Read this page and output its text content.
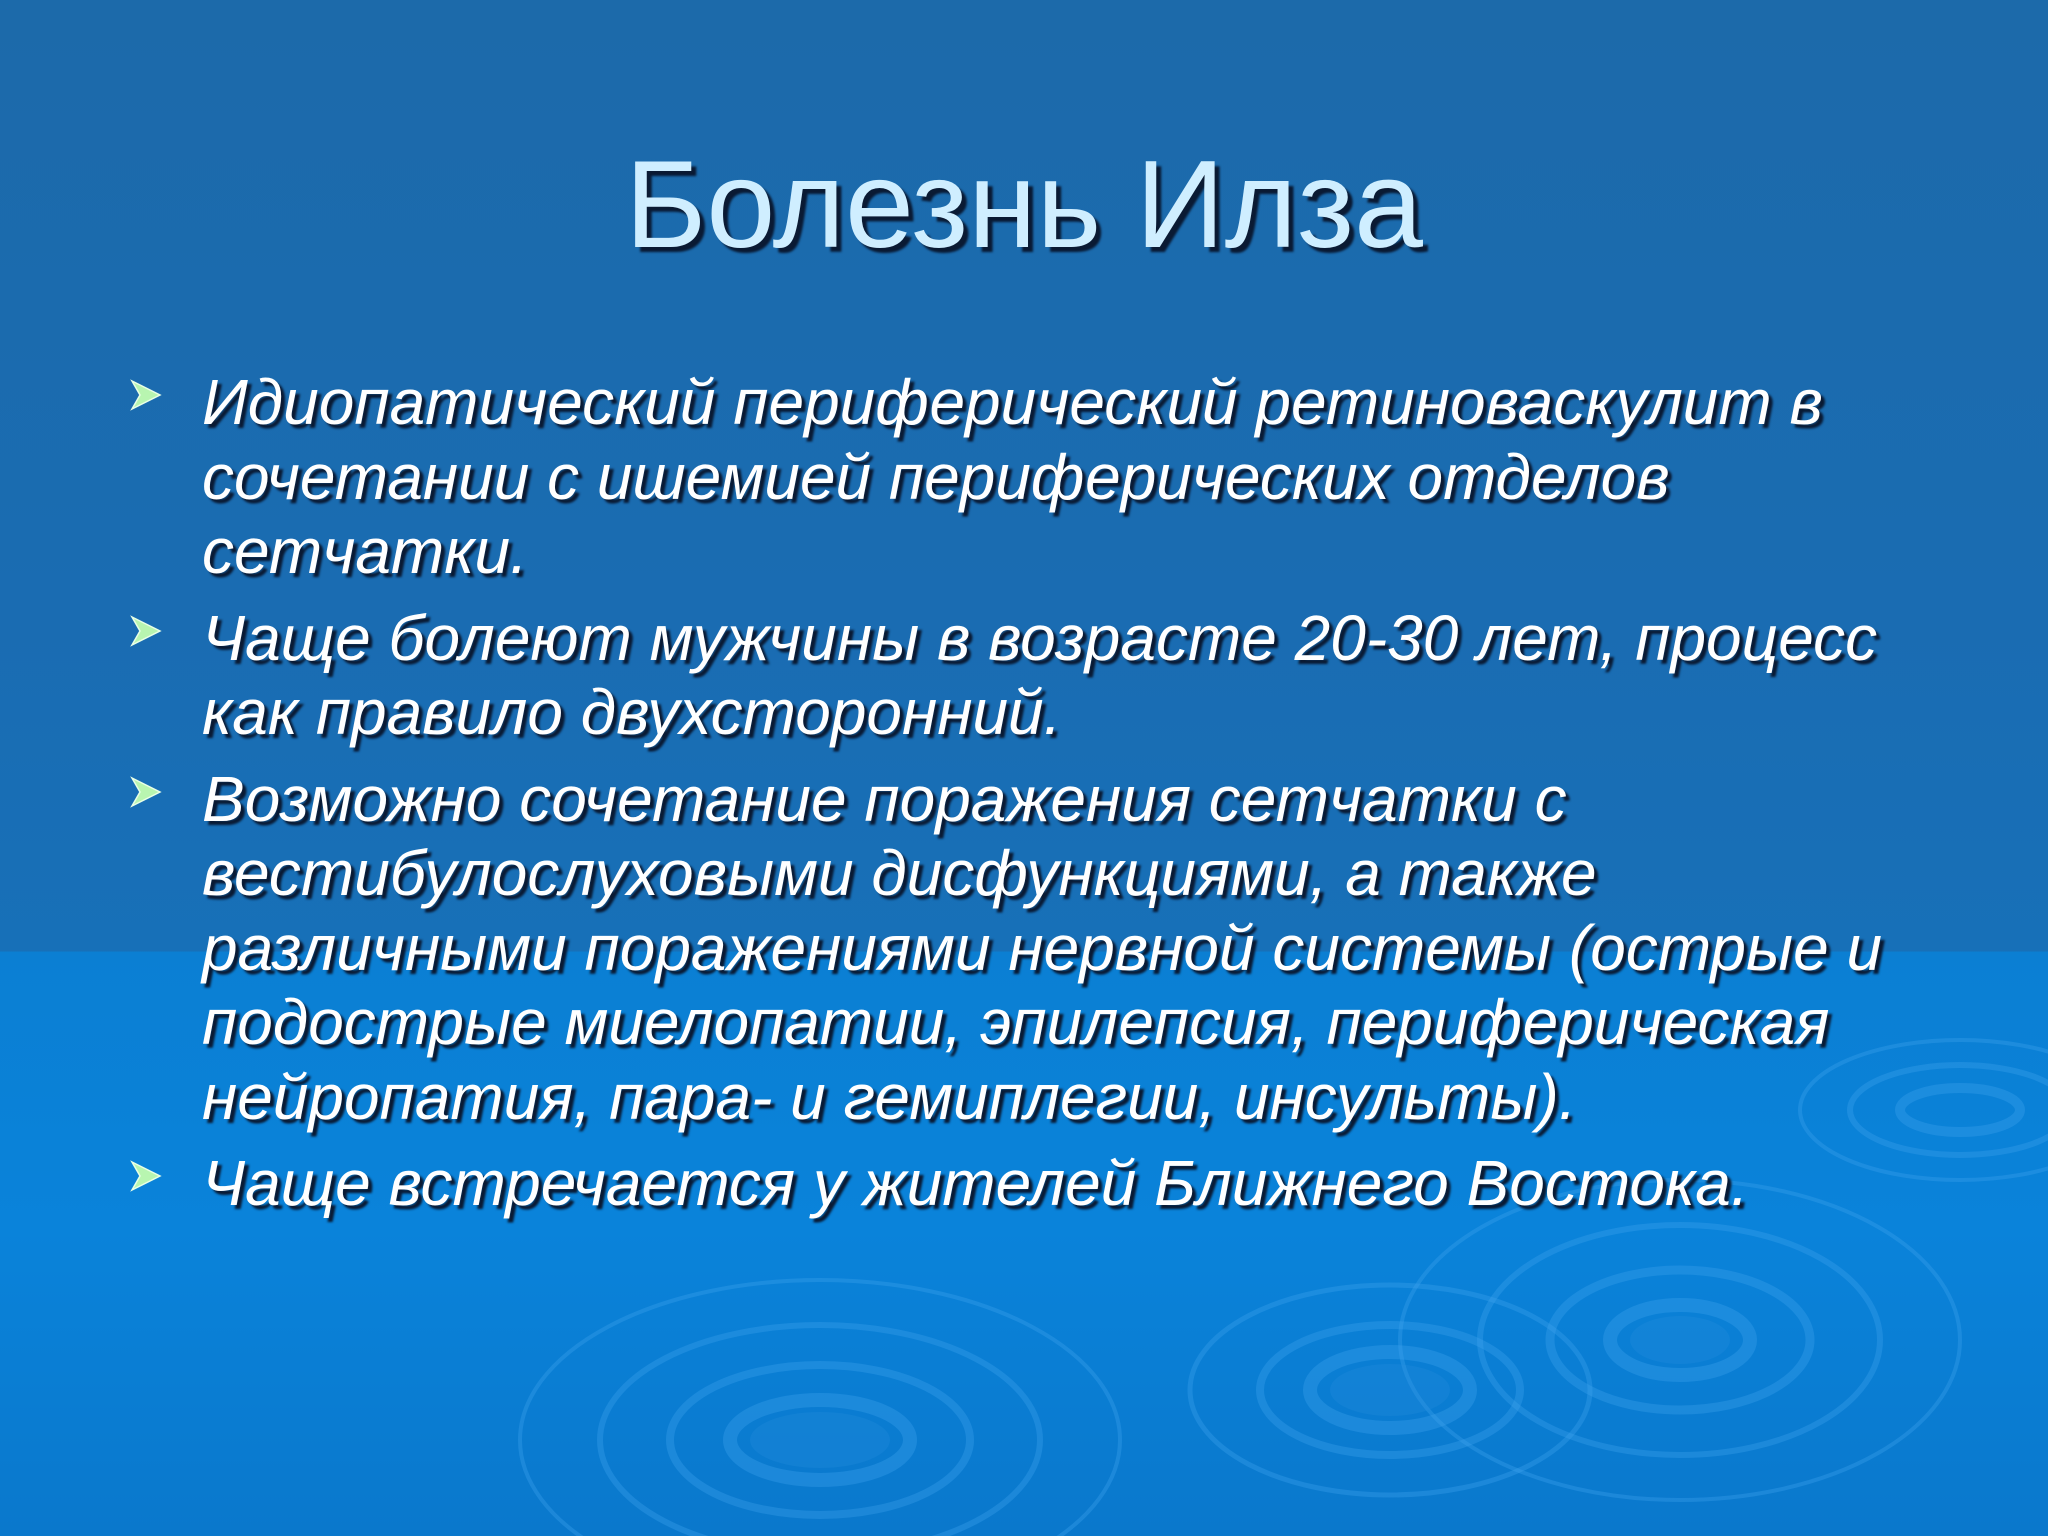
Болезнь Илза
Идиопатический периферический ретиноваскулит в сочетании с ишемией периферических отделов сетчатки.
Чаще болеют мужчины в возрасте 20-30 лет, процесс как правило двухсторонний.
Возможно сочетание поражения сетчатки с вестибулослуховыми дисфункциями, а также различными поражениями нервной системы (острые и подострые миелопатии, эпилепсия, периферическая нейропатия, пара- и гемиплегии, инсульты).
Чаще встречается у жителей Ближнего Востока.
